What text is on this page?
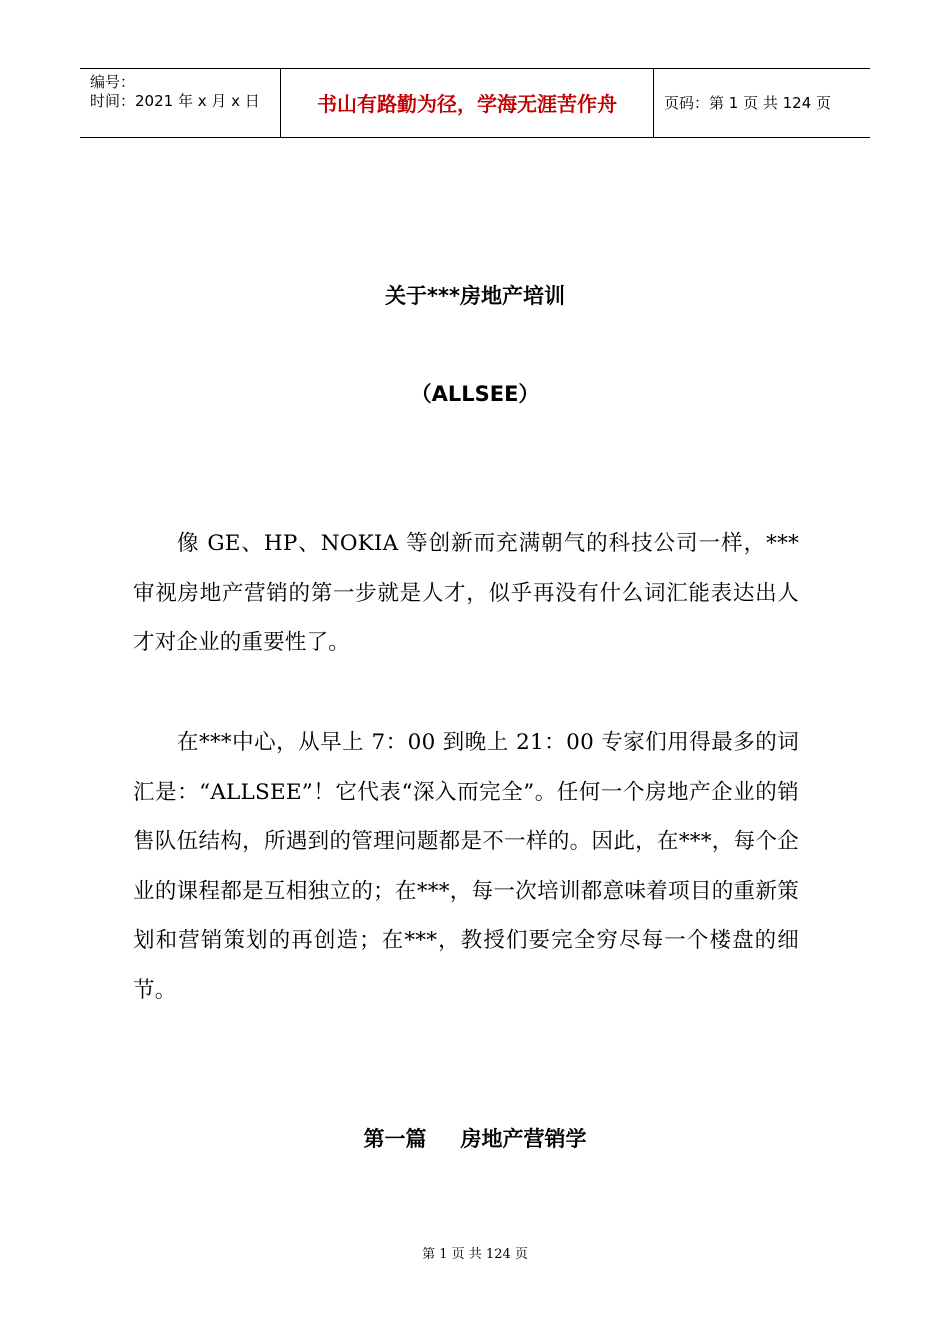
编号：
时间：2021 年 x 月 x 日	书山有路勤为径，学海无涯苦作舟	页码：第 1 页 共 124 页
关于***房地产培训
（ALLSEE）
像 GE、HP、NOKIA 等创新而充满朝气的科技公司一样，***审视房地产营销的第一步就是人才，似乎再没有什么词汇能表达出人才对企业的重要性了。
在***中心，从早上 7：00 到晚上 21：00 专家们用得最多的词汇是：“ALLSEE”！它代表“深入而完全”。任何一个房地产企业的销售队伍结构，所遇到的管理问题都是不一样的。因此，在***，每个企业的课程都是互相独立的；在***，每一次培训都意味着项目的重新策划和营销策划的再创造；在***，教授们要完全穷尽每一个楼盘的细节。
第一篇 房地产营销学
第 1 页 共 124 页
